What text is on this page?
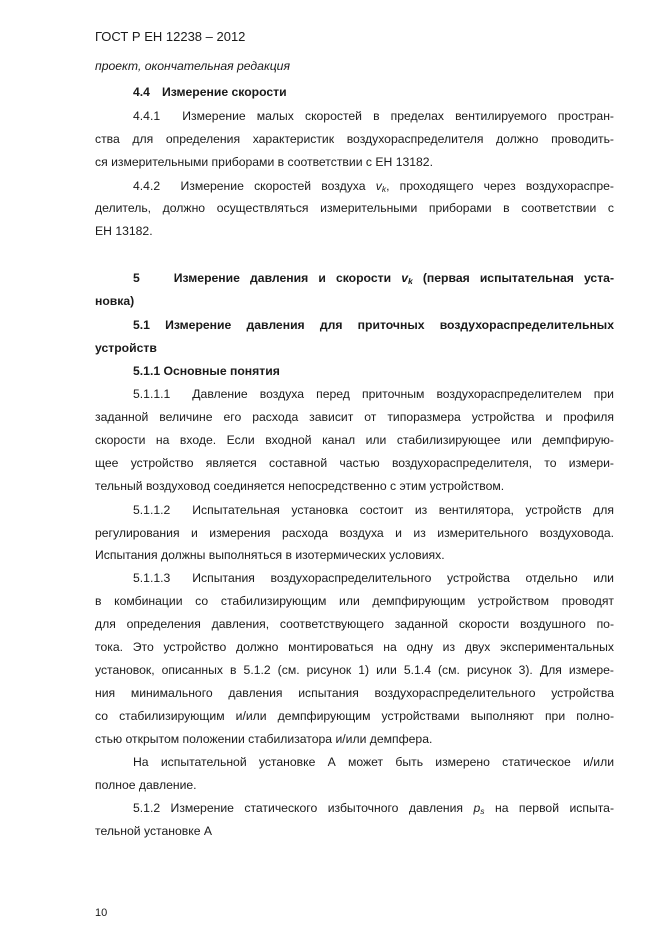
ГОСТ Р ЕН 12238 – 2012
проект, окончательная редакция
4.4 Измерение скорости
4.4.1 Измерение малых скоростей в пределах вентилируемого простран-
ства для определения характеристик воздухораспределителя должно проводить-
ся измерительными приборами в соответствии с ЕН 13182.
4.4.2 Измерение скоростей воздуха $v_k$, проходящего через воздухораспре-
делитель, должно осуществляться измерительными приборами в соответствии с
ЕН 13182.
5	Измерение давления и скорости $v_k$ (первая испытательная уста-
новка)
5.1 Измерение давления для приточных воздухораспределительных
устройств
5.1.1 Основные понятия
5.1.1.1 Давление воздуха перед приточным воздухораспределителем при
заданной величине его расхода зависит от типоразмера устройства и профиля
скорости на входе. Если входной канал или стабилизирующее или демпфирую-
щее устройство является составной частью воздухораспределителя, то измери-
тельный воздуховод соединяется непосредственно с этим устройством.
5.1.1.2 Испытательная установка состоит из вентилятора, устройств для
регулирования и измерения расхода воздуха и из измерительного воздуховода.
Испытания должны выполняться в изотермических условиях.
5.1.1.3 Испытания воздухораспределительного устройства отдельно или
в комбинации со стабилизирующим или демпфирующим устройством проводят
для определения давления, соответствующего заданной скорости воздушного по-
тока. Это устройство должно монтироваться на одну из двух экспериментальных
установок, описанных в 5.1.2 (см. рисунок 1) или 5.1.4 (см. рисунок 3). Для измере-
ния минимального давления испытания воздухораспределительного устройства
со стабилизирующим и/или демпфирующим устройствами выполняют при полно-
стью открытом положении стабилизатора и/или демпфера.
На испытательной установке А может быть измерено статическое и/или
полное давление.
5.1.2 Измерение статического избыточного давления $p_s$ на первой испыта-
тельной установке А
10
